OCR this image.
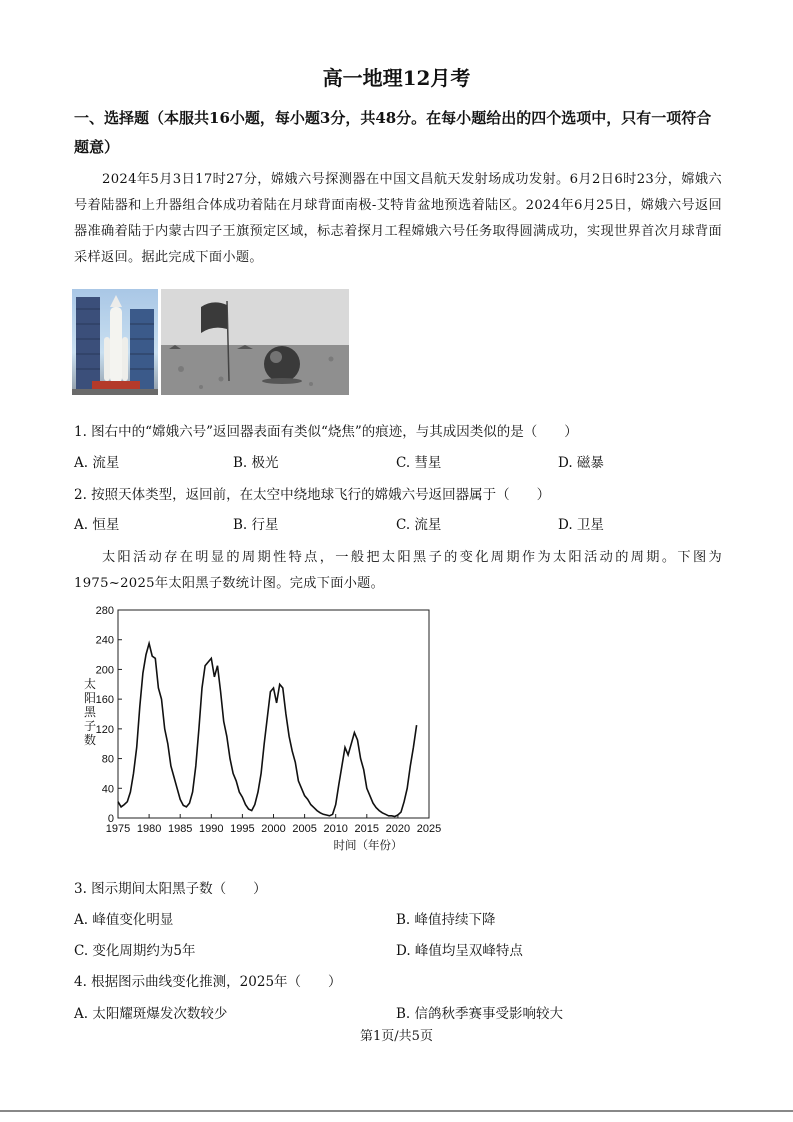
高一地理12月考
一、选择题（本服共16小题，每小题3分，共48分。在每小题给出的四个选项中，只有一项符合题意）
2024年5月3日17时27分，嫦娥六号探测器在中国文昌航天发射场成功发射。6月2日6时23分，嫦娥六号着陆器和上升器组合体成功着陆在月球背面南极-艾特肯盆地预选着陆区。2024年6月25日，嫦娥六号返回器准确着陆于内蒙古四子王旗预定区域，标志着探月工程嫦娥六号任务取得圆满成功，实现世界首次月球背面采样返回。据此完成下面小题。
1. 图右中的“嫦娥六号”返回器表面有类似“烧焦”的痕迹，与其成因类似的是（　　）
A. 流星	B. 极光	C. 彗星	D. 磁暴
2. 按照天体类型，返回前，在太空中绕地球飞行的嫦娥六号返回器属于（　　）
A. 恒星	B. 行星	C. 流星	D. 卫星
太阳活动存在明显的周期性特点，一般把太阳黑子的变化周期作为太阳活动的周期。下图为1975~2025年太阳黑子数统计图。完成下面小题。
0
40
80
120
160
200
240
280
1975 1980 1985 1990 1995 2000 2005 2010 2015 2020 2025
太阳黑子数
时间（年份）
3. 图示期间太阳黑子数（　　）
A. 峰值变化明显	B. 峰值持续下降
C. 变化周期约为5年	D. 峰值均呈双峰特点
4. 根据图示曲线变化推测，2025年（　　）
A. 太阳耀斑爆发次数较少	B. 信鸽秋季赛事受影响较大
第1页/共5页
